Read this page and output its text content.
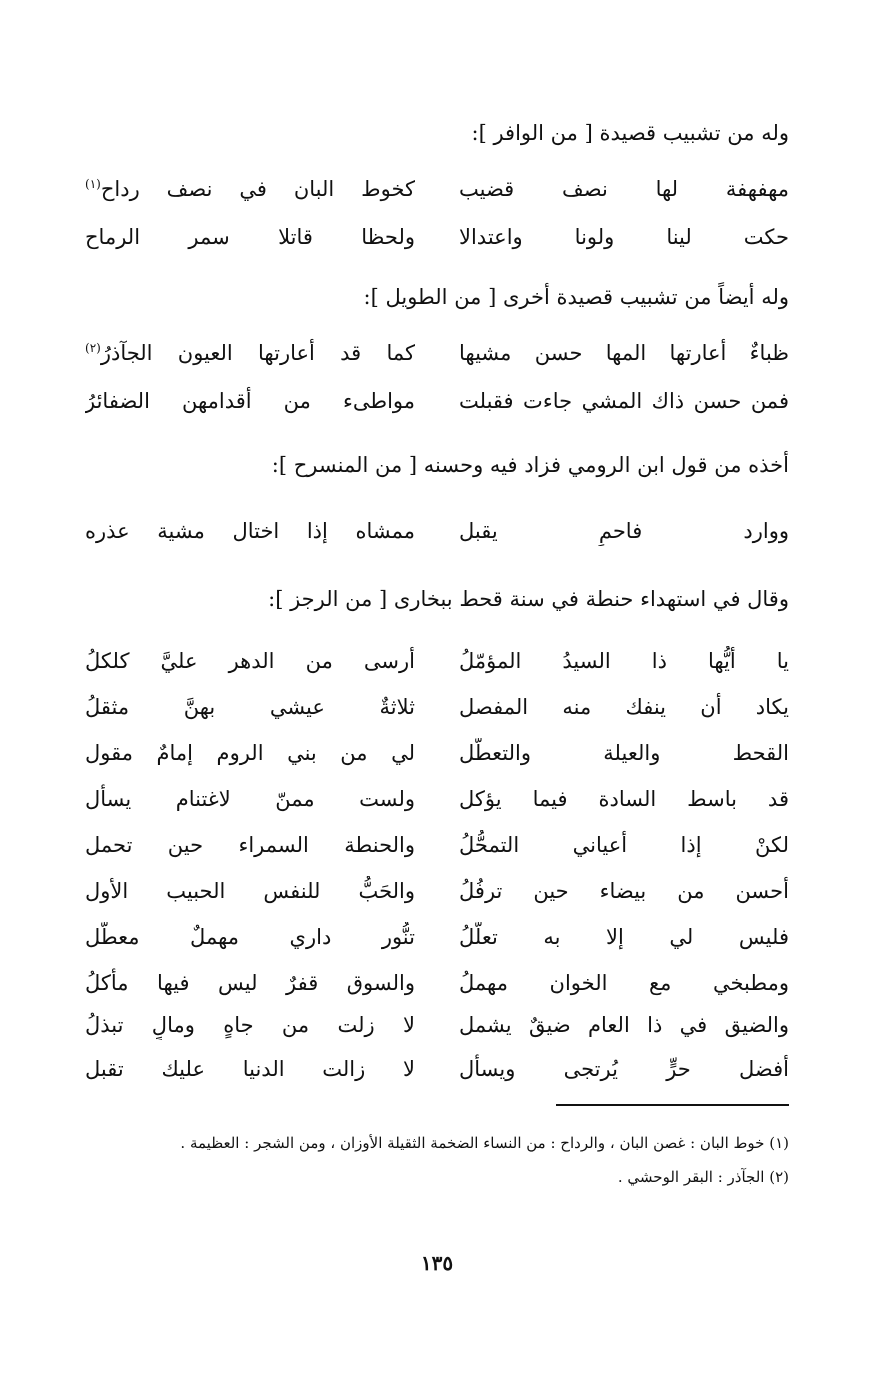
وله من تشبيب قصيدة [ من الوافر ]:
مهفهفة لها نصف قضيب
كخوط البان في نصف رداح$^{(١)}$
حكت لينا ولونا واعتدالا
ولحظا قاتلا سمر الرماح
وله أيضاً من تشبيب قصيدة أخرى [ من الطويل ]:
ظباءٌ أعارتها المها حسن مشيها
كما قد أعارتها العيون الجآذرُ$^{(٢)}$
فمن حسن ذاك المشي جاءت فقبلت
مواطىء من أقدامهن الضفائرُ
أخذه من قول ابن الرومي فزاد فيه وحسنه [ من المنسرح ]:
ووارد فاحمٍ يقبل
ممشاه إذا اختال مشية عذره
وقال في استهداء حنطة في سنة قحط ببخارى [ من الرجز ]:
يا أيُّها ذا السيدُ المؤمّلُ
أرسى من الدهر عليَّ كلكلُ
يكاد أن ينفك منه المفصل
ثلاثةٌ عيشي بهنَّ مثقلُ
القحط والعيلة والتعطُّل
لي من بني الروم إمامٌ مقول
قد باسط السادة فيما يؤكل
ولست ممنّ لاغتنام يسأل
لكنْ إذا أعياني التمحُّلُ
والحنطة السمراء حين تحمل
أحسن من بيضاء حين ترفُلُ
والحَبُّ للنفس الحبيب الأول
فليس لي إلا به تعلُّلُ
تنُّور داري مهملٌ معطَّل
ومطبخي مع الخوان مهملُ
والسوق قفرٌ ليس فيها مأكلُ
والضيق في ذا العام ضيقٌ يشمل
لا زلت من جاهٍ ومالٍ تبذلُ
أفضل حرٍّ يُرتجى ويسأل
لا زالت الدنيا عليك تقبل
(١) خوط البان : غصن البان ، والرداح : من النساء الضخمة الثقيلة الأوزان ، ومن الشجر : العظيمة .
(٢) الجآذر : البقر الوحشي .
١٣٥
